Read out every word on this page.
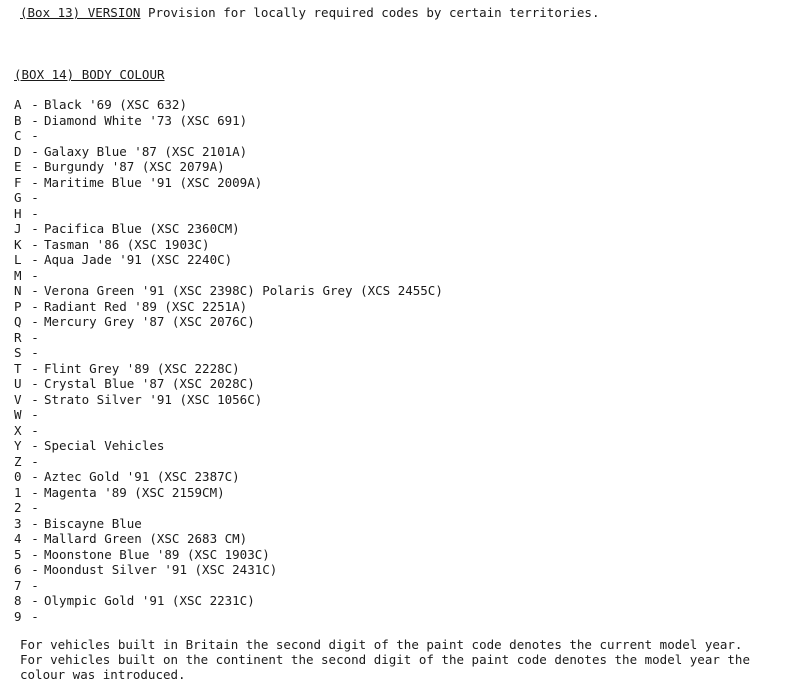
(Box 13) VERSION Provision for locally required codes by certain territories.
(BOX 14) BODY COLOUR
A - Black '69 (XSC 632)
B - Diamond White '73 (XSC 691)
C -
D - Galaxy Blue '87 (XSC 2101A)
E - Burgundy '87 (XSC 2079A)
F - Maritime Blue '91 (XSC 2009A)
G -
H -
J - Pacifica Blue (XSC 2360CM)
K - Tasman '86 (XSC 1903C)
L - Aqua Jade '91 (XSC 2240C)
M -
N - Verona Green '91 (XSC 2398C) Polaris Grey (XCS 2455C)
P - Radiant Red '89 (XSC 2251A)
Q - Mercury Grey '87 (XSC 2076C)
R -
S -
T - Flint Grey '89 (XSC 2228C)
U - Crystal Blue '87 (XSC 2028C)
V - Strato Silver '91 (XSC 1056C)
W -
X -
Y - Special Vehicles
Z -
0 - Aztec Gold '91 (XSC 2387C)
1 - Magenta '89 (XSC 2159CM)
2 -
3 - Biscayne Blue
4 - Mallard Green (XSC 2683 CM)
5 - Moonstone Blue '89 (XSC 1903C)
6 - Moondust Silver '91 (XSC 2431C)
7 -
8 - Olympic Gold '91 (XSC 2231C)
9 -
For vehicles built in Britain the second digit of the paint code denotes the current model year.
For vehicles built on the continent the second digit of the paint code denotes the model year the
colour was introduced.
